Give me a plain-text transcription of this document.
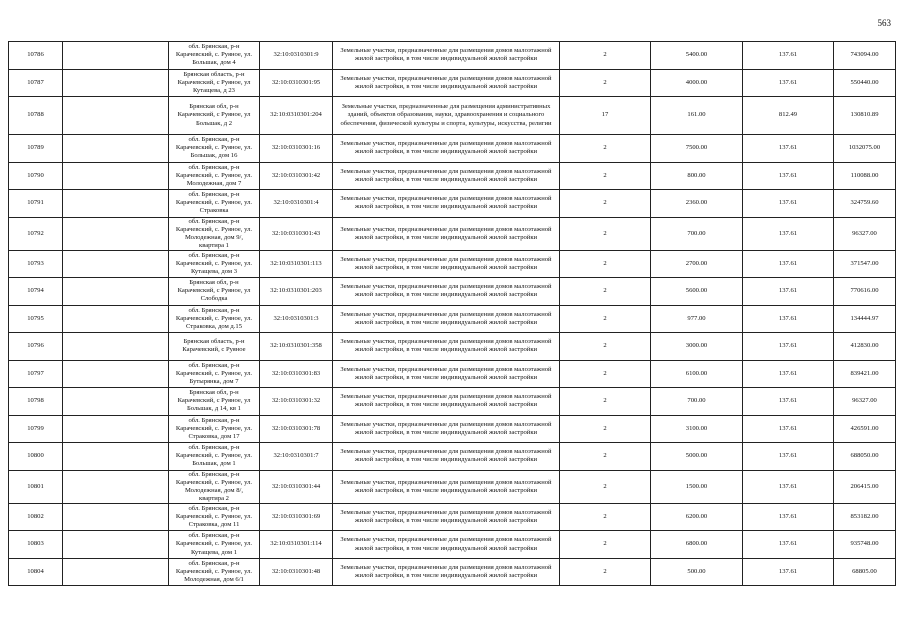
563
10786		обл. Брянская, р-н Карачевский, с. Руяное, ул. Большак, дом 4	32:10:0310301:9	Земельные участки, предназначенные для размещения домов малоэтажной жилой застройки, в том числе индивидуальной жилой застройки	2	5400.00	137.61	743094.00
10787		Брянская область, р-н Карачевский, с Руяное, ул Кутащева, д 23	32:10:0310301:95	Земельные участки, предназначенные для размещения домов малоэтажной жилой застройки, в том числе индивидуальной жилой застройки	2	4000.00	137.61	550440.00
10788		Брянская обл, р-н Карачевский, с Руяное, ул Большак, д 2	32:10:0310301:204	Земельные участки, предназначенные для размещения административных зданий, объектов образования, науки, здравоохранения и социального обеспечения, физической культуры и спорта, культуры, искусства, религии	17	161.00	812.49	130810.89
10789		обл. Брянская, р-н Карачевский, с. Руяное, ул. Большак, дом 16	32:10:0310301:16	Земельные участки, предназначенные для размещения домов малоэтажной жилой застройки, в том числе индивидуальной жилой застройки	2	7500.00	137.61	1032075.00
10790		обл. Брянская, р-н Карачевский, с. Руяное, ул. Молодежная, дом 7	32:10:0310301:42	Земельные участки, предназначенные для размещения домов малоэтажной жилой застройки, в том числе индивидуальной жилой застройки	2	800.00	137.61	110088.00
10791		обл. Брянская, р-н Карачевский, с. Руяное, ул. Страковка	32:10:0310301:4	Земельные участки, предназначенные для размещения домов малоэтажной жилой застройки, в том числе индивидуальной жилой застройки	2	2360.00	137.61	324759.60
10792		обл. Брянская, р-н Карачевский, с. Руяное, ул. Молодежная, дом 9/, квартира 1	32:10:0310301:43	Земельные участки, предназначенные для размещения домов малоэтажной жилой застройки, в том числе индивидуальной жилой застройки	2	700.00	137.61	96327.00
10793		обл. Брянская, р-н Карачевский, с. Руяное, ул. Кутащева, дом 3	32:10:0310301:113	Земельные участки, предназначенные для размещения домов малоэтажной жилой застройки, в том числе индивидуальной жилой застройки	2	2700.00	137.61	371547.00
10794		Брянская обл, р-н Карачевский, с Руяное, ул Слободка	32:10:0310301:203	Земельные участки, предназначенные для размещения домов малоэтажной жилой застройки, в том числе индивидуальной жилой застройки	2	5600.00	137.61	770616.00
10795		обл. Брянская, р-н Карачевский, с. Руяное, ул. Страковка, дом д.15	32:10:0310301:3	Земельные участки, предназначенные для размещения домов малоэтажной жилой застройки, в том числе индивидуальной жилой застройки	2	977.00	137.61	134444.97
10796		Брянская область, р-н Карачевский, с Руяное	32:10:0310301:358	Земельные участки, предназначенные для размещения домов малоэтажной жилой застройки, в том числе индивидуальной жилой застройки	2	3000.00	137.61	412830.00
10797		обл. Брянская, р-н Карачевский, с. Руяное, ул. Бутырянка, дом 7	32:10:0310301:83	Земельные участки, предназначенные для размещения домов малоэтажной жилой застройки, в том числе индивидуальной жилой застройки	2	6100.00	137.61	839421.00
10798		Брянская обл, р-н Карачевский, с Руяное, ул Большак, д 14, кв 1	32:10:0310301:32	Земельные участки, предназначенные для размещения домов малоэтажной жилой застройки, в том числе индивидуальной жилой застройки	2	700.00	137.61	96327.00
10799		обл. Брянская, р-н Карачевский, с. Руяное, ул. Страковка, дом 17	32:10:0310301:78	Земельные участки, предназначенные для размещения домов малоэтажной жилой застройки, в том числе индивидуальной жилой застройки	2	3100.00	137.61	426591.00
10800		обл. Брянская, р-н Карачевский, с. Руяное, ул. Большак, дом 1	32:10:0310301:7	Земельные участки, предназначенные для размещения домов малоэтажной жилой застройки, в том числе индивидуальной жилой застройки	2	5000.00	137.61	688050.00
10801		обл. Брянская, р-н Карачевский, с. Руяное, ул. Молодежная, дом 8/, квартира 2	32:10:0310301:44	Земельные участки, предназначенные для размещения домов малоэтажной жилой застройки, в том числе индивидуальной жилой застройки	2	1500.00	137.61	206415.00
10802		обл. Брянская, р-н Карачевский, с. Руяное, ул. Страковка, дом 11	32:10:0310301:69	Земельные участки, предназначенные для размещения домов малоэтажной жилой застройки, в том числе индивидуальной жилой застройки	2	6200.00	137.61	853182.00
10803		обл. Брянская, р-н Карачевский, с. Руяное, ул. Кутащева, дом 1	32:10:0310301:114	Земельные участки, предназначенные для размещения домов малоэтажной жилой застройки, в том числе индивидуальной жилой застройки	2	6800.00	137.61	935748.00
10804		обл. Брянская, р-н Карачевский, с. Руяное, ул. Молодежная, дом 6/1	32:10:0310301:48	Земельные участки, предназначенные для размещения домов малоэтажной жилой застройки, в том числе индивидуальной жилой застройки	2	500.00	137.61	68805.00
